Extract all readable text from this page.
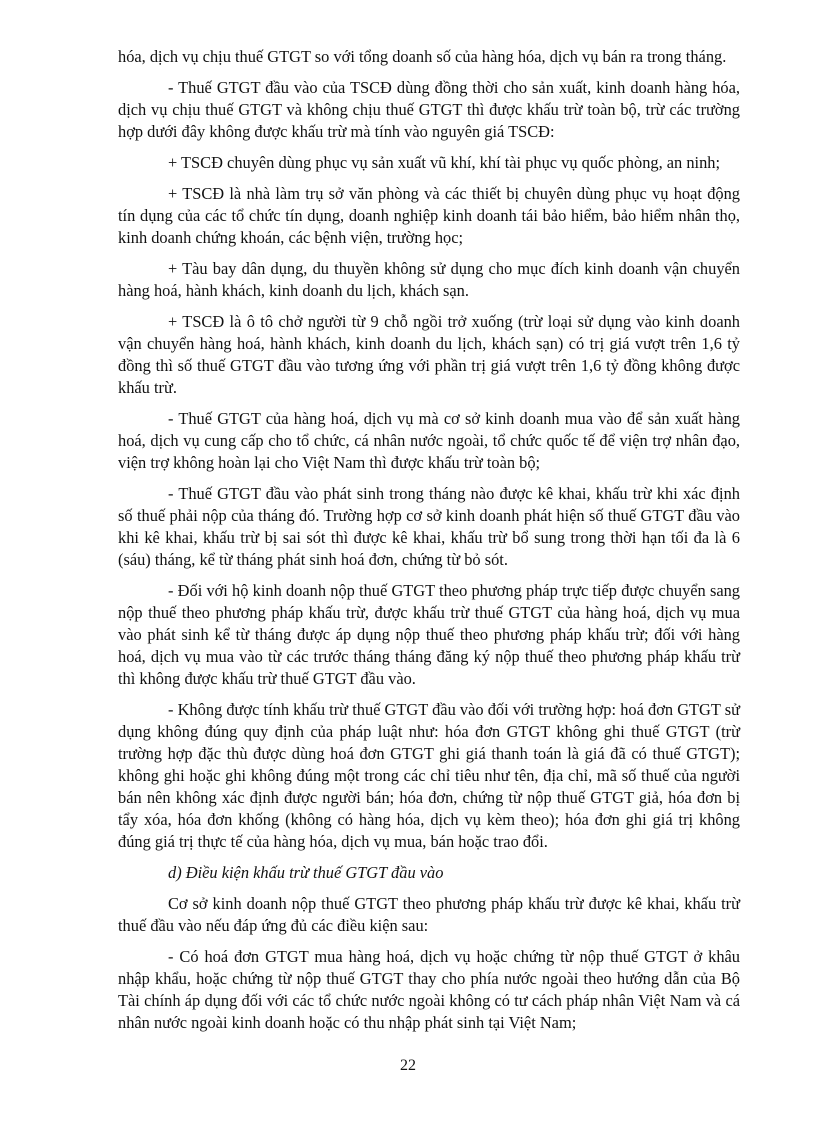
hóa, dịch vụ chịu thuế GTGT so với tổng doanh số của hàng hóa, dịch vụ bán ra trong tháng.

- Thuế GTGT đầu vào của TSCĐ dùng đồng thời cho sản xuất, kinh doanh hàng hóa, dịch vụ chịu thuế GTGT và không chịu thuế GTGT thì được khấu trừ toàn bộ, trừ các trường hợp dưới đây không được khấu trừ mà tính vào nguyên giá TSCĐ:

+ TSCĐ chuyên dùng phục vụ sản xuất vũ khí, khí tài phục vụ quốc phòng, an ninh;

+ TSCĐ là nhà làm trụ sở văn phòng và các thiết bị chuyên dùng phục vụ hoạt động tín dụng của các tổ chức tín dụng, doanh nghiệp kinh doanh tái bảo hiểm, bảo hiểm nhân thọ, kinh doanh chứng khoán, các bệnh viện, trường học;

+ Tàu bay dân dụng, du thuyền không sử dụng cho mục đích kinh doanh vận chuyển hàng hoá, hành khách, kinh doanh du lịch, khách sạn.

+ TSCĐ là ô tô chở người từ 9 chỗ ngồi trở xuống (trừ loại sử dụng vào kinh doanh vận chuyển hàng hoá, hành khách, kinh doanh du lịch, khách sạn) có trị giá vượt trên 1,6 tỷ đồng thì số thuế GTGT đầu vào tương ứng với phần trị giá vượt trên 1,6 tỷ đồng không được khấu trừ.

- Thuế GTGT của hàng hoá, dịch vụ mà cơ sở kinh doanh mua vào để sản xuất hàng hoá, dịch vụ cung cấp cho tổ chức, cá nhân nước ngoài, tổ chức quốc tế để viện trợ nhân đạo, viện trợ không hoàn lại cho Việt Nam thì được khấu trừ toàn bộ;

- Thuế GTGT đầu vào phát sinh trong tháng nào được kê khai, khấu trừ khi xác định số thuế phải nộp của tháng đó. Trường hợp cơ sở kinh doanh phát hiện số thuế GTGT đầu vào khi kê khai, khấu trừ bị sai sót thì được kê khai, khấu trừ bổ sung trong thời hạn tối đa là 6 (sáu) tháng, kể từ tháng phát sinh hoá đơn, chứng từ bỏ sót.

- Đối với hộ kinh doanh nộp thuế GTGT theo phương pháp trực tiếp được chuyển sang nộp thuế theo phương pháp khấu trừ, được khấu trừ thuế GTGT của hàng hoá, dịch vụ mua vào phát sinh kể từ tháng được áp dụng nộp thuế theo phương pháp khấu trừ; đối với hàng hoá, dịch vụ mua vào từ các trước tháng tháng đăng ký nộp thuế theo phương pháp khấu trừ thì không được khấu trừ thuế GTGT đầu vào.

- Không được tính khấu trừ thuế GTGT đầu vào đối với trường hợp: hoá đơn GTGT sử dụng không đúng quy định của pháp luật như: hóa đơn GTGT không ghi thuế GTGT (trừ trường hợp đặc thù được dùng hoá đơn GTGT ghi giá thanh toán là giá đã có thuế GTGT); không ghi hoặc ghi không đúng một trong các chỉ tiêu như tên, địa chỉ, mã số thuế của người bán nên không xác định được người bán; hóa đơn, chứng từ nộp thuế GTGT giả, hóa đơn bị tẩy xóa, hóa đơn khống (không có hàng hóa, dịch vụ kèm theo); hóa đơn ghi giá trị không đúng giá trị thực tế của hàng hóa, dịch vụ mua, bán hoặc trao đổi.

d) Điều kiện khấu trừ thuế GTGT đầu vào

Cơ sở kinh doanh nộp thuế GTGT theo phương pháp khấu trừ được kê khai, khấu trừ thuế đầu vào nếu đáp ứng đủ các điều kiện sau:

- Có hoá đơn GTGT mua hàng hoá, dịch vụ hoặc chứng từ nộp thuế GTGT ở khâu nhập khẩu, hoặc chứng từ nộp thuế GTGT thay cho phía nước ngoài theo hướng dẫn của Bộ Tài chính áp dụng đối với các tổ chức nước ngoài không có tư cách pháp nhân Việt Nam và cá nhân nước ngoài kinh doanh hoặc có thu nhập phát sinh tại Việt Nam;

22
